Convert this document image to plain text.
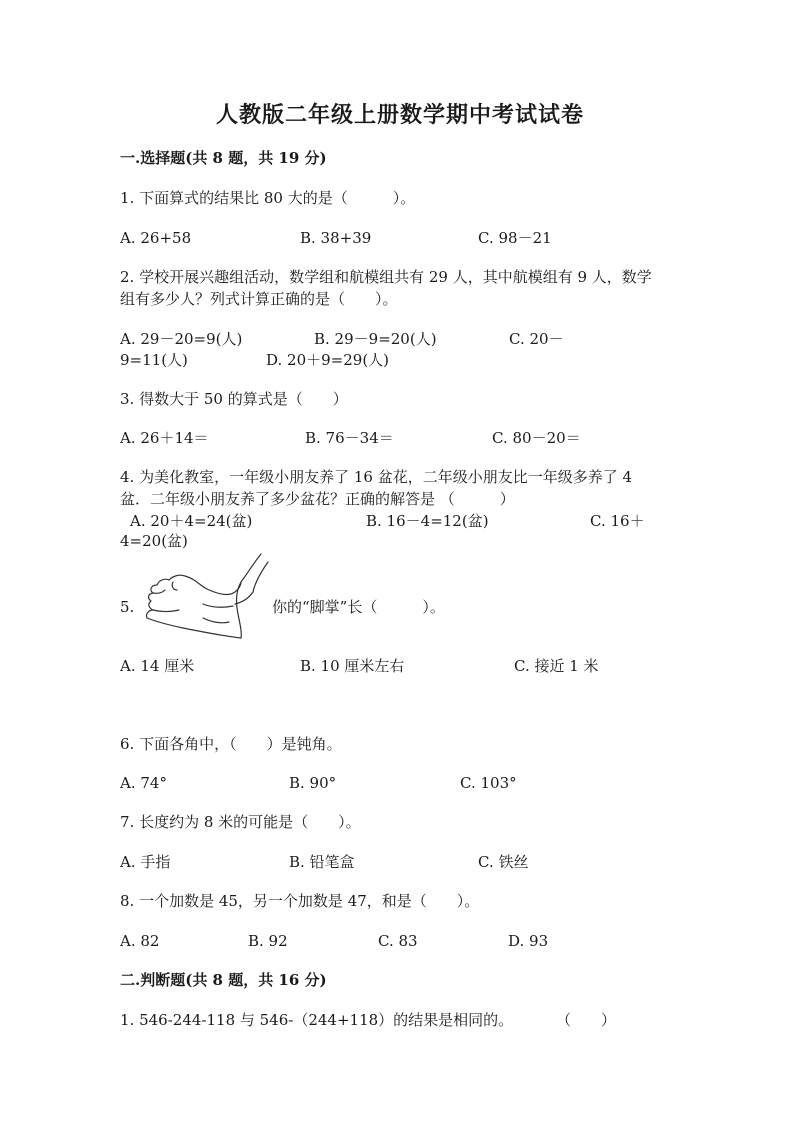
人教版二年级上册数学期中考试试卷
一.选择题(共 8 题，共 19 分)
1. 下面算式的结果比 80 大的是（　　　）。
A. 26+58	B. 38+39	C. 98－21
2. 学校开展兴趣组活动，数学组和航模组共有 29 人，其中航模组有 9 人，数学
组有多少人？列式计算正确的是（　　）。
A. 29－20=9(人)	B. 29－9=20(人)	C. 20－
9=11(人)	D. 20＋9=29(人)
3. 得数大于 50 的算式是（　　）
A. 26＋14＝	B. 76－34＝	C. 80－20＝
4. 为美化教室，一年级小朋友养了 16 盆花，二年级小朋友比一年级多养了 4
盆．二年级小朋友养了多少盆花？正确的解答是 （　　　）
A. 20＋4=24(盆)	B. 16－4=12(盆)	C. 16＋
4=20(盆)
5.	你的“脚掌”长（　　　）。
A. 14 厘米	B. 10 厘米左右	C. 接近 1 米
6. 下面各角中，（　　）是钝角。
A. 74°	B. 90°	C. 103°
7. 长度约为 8 米的可能是（　　）。
A. 手指	B. 铅笔盒	C. 铁丝
8. 一个加数是 45，另一个加数是 47，和是（　　）。
A. 82	B. 92	C. 83	D. 93
二.判断题(共 8 题，共 16 分)
1. 546-244-118 与 546-（244+118）的结果是相同的。	（　　）
